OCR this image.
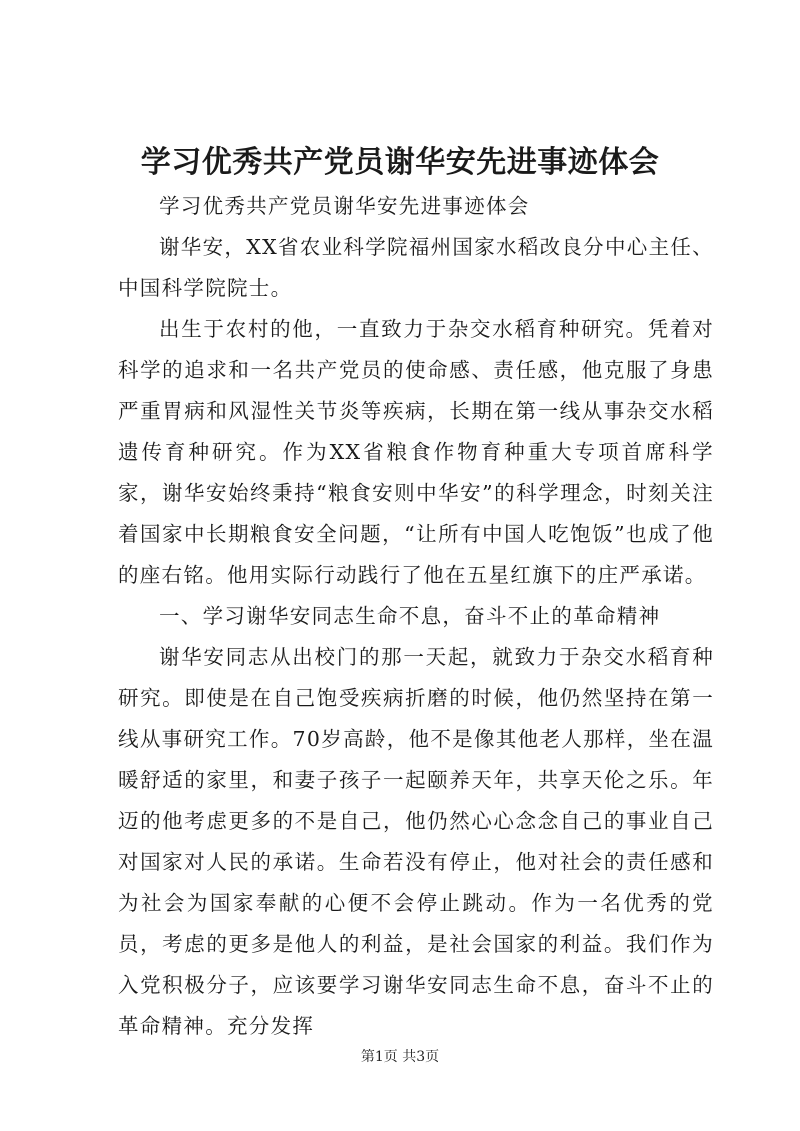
学习优秀共产党员谢华安先进事迹体会

学习优秀共产党员谢华安先进事迹体会

谢华安，XX省农业科学院福州国家水稻改良分中心主任、中国科学院院士。

出生于农村的他，一直致力于杂交水稻育种研究。凭着对科学的追求和一名共产党员的使命感、责任感，他克服了身患严重胃病和风湿性关节炎等疾病，长期在第一线从事杂交水稻遗传育种研究。作为XX省粮食作物育种重大专项首席科学家，谢华安始终秉持“粮食安则中华安”的科学理念，时刻关注着国家中长期粮食安全问题，“让所有中国人吃饱饭”也成了他的座右铭。他用实际行动践行了他在五星红旗下的庄严承诺。

一、学习谢华安同志生命不息，奋斗不止的革命精神

谢华安同志从出校门的那一天起，就致力于杂交水稻育种研究。即使是在自己饱受疾病折磨的时候，他仍然坚持在第一线从事研究工作。70岁高龄，他不是像其他老人那样，坐在温暖舒适的家里，和妻子孩子一起颐养天年，共享天伦之乐。年迈的他考虑更多的不是自己，他仍然心心念念自己的事业自己对国家对人民的承诺。生命若没有停止，他对社会的责任感和为社会为国家奉献的心便不会停止跳动。作为一名优秀的党员，考虑的更多是他人的利益，是社会国家的利益。我们作为入党积极分子，应该要学习谢华安同志生命不息，奋斗不止的革命精神。充分发挥

第1页 共3页
